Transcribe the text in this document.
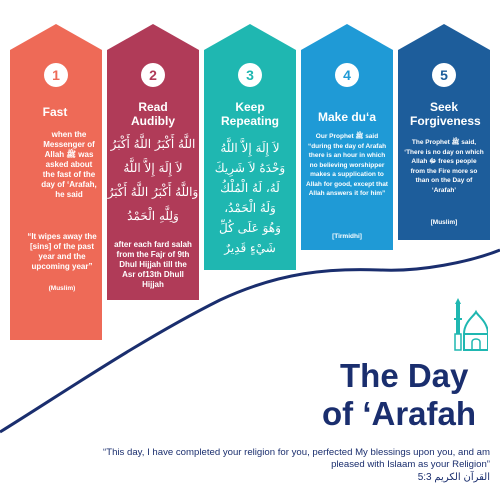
1
Fast
when the Messenger of Allah ﷺ was asked about the fast of the day of ‘Arafah, he said
“It wipes away the [sins] of the past year and the upcoming year”
(Muslim)
2
Read Audibly
اللَّهُ أَكْبَرُ اللَّهُ أَكْبَرُ
لاَ إِلَهَ إِلاَّ اللَّهُ
وَاللَّهُ أَكْبَرُ اللَّهُ أَكْبَرُ
وَلِلَّهِ الْحَمْدُ
after each fard salah from the Fajr of 9th Dhul Hijjah till the Asr of13th Dhull Hijjah
3
Keep Repeating
لاَ إِلَهَ إِلاَّ اللَّهُ
وَحْدَهُ لاَ شَرِيكَ
لَهُ، لَهُ الْمُلْكُ
وَلَهُ الْحَمْدُ،
وَهُوَ عَلَى كُلِّ
شَيْءٍ قَدِيرٌ
4
Make du‘a
Our Prophet ﷺ said “during the day of Arafah there is an hour in which no believing worshipper makes a supplication to Allah for good, except that Allah answers it for him”
[Tirmidhi]
5
Seek Forgiveness
The Prophet ﷺ said, ‘There is no day on which Allah ﷻ frees people from the Fire more so than on the Day of ‘Arafah’
[Muslim]
The Day
of ‘Arafah
“This day, I have completed your religion for you, perfected My blessings upon you, and am pleased with Islaam as your Religion”
5:3 القرآن الكريم
